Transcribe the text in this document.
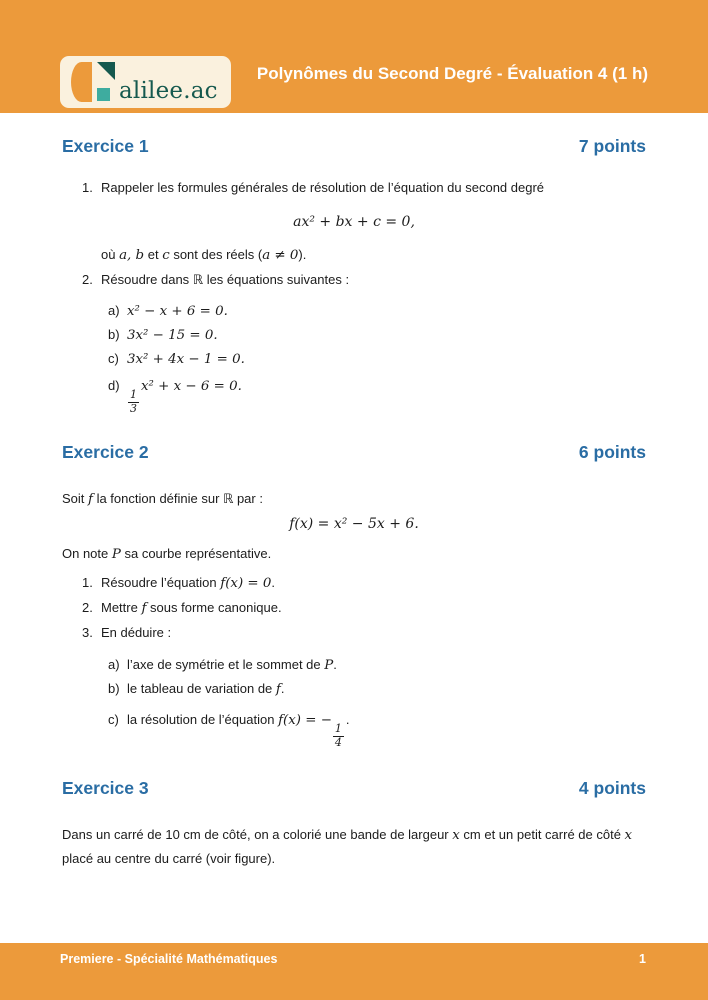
alilee.ac
Polynômes du Second Degré - Évaluation 4 (1 h)
Exercice 1	7 points
1. Rappeler les formules générales de résolution de l’équation du second degré
ax² + bx + c = 0,
où a, b et c sont des réels (a ≠ 0).
2. Résoudre dans ℝ les équations suivantes :
a) x² − x + 6 = 0.
b) 3x² − 15 = 0.
c) 3x² + 4x − 1 = 0.
d)
$\frac{1}{3}$
x² + x − 6 = 0.
Exercice 2	6 points
Soit f la fonction définie sur ℝ par :
f(x) = x² − 5x + 6.
On note P sa courbe représentative.
1. Résoudre l’équation f(x) = 0.
2. Mettre f sous forme canonique.
3. En déduire :
a) l’axe de symétrie et le sommet de P.
b) le tableau de variation de f.
c) la résolution de l’équation f(x) = −
$\frac{1}{4}$
.
Exercice 3	4 points
Dans un carré de 10 cm de côté, on a colorié une bande de largeur x cm et un petit carré de côté x placé au centre du carré (voir figure).
Premiere - Spécialité Mathématiques	1
